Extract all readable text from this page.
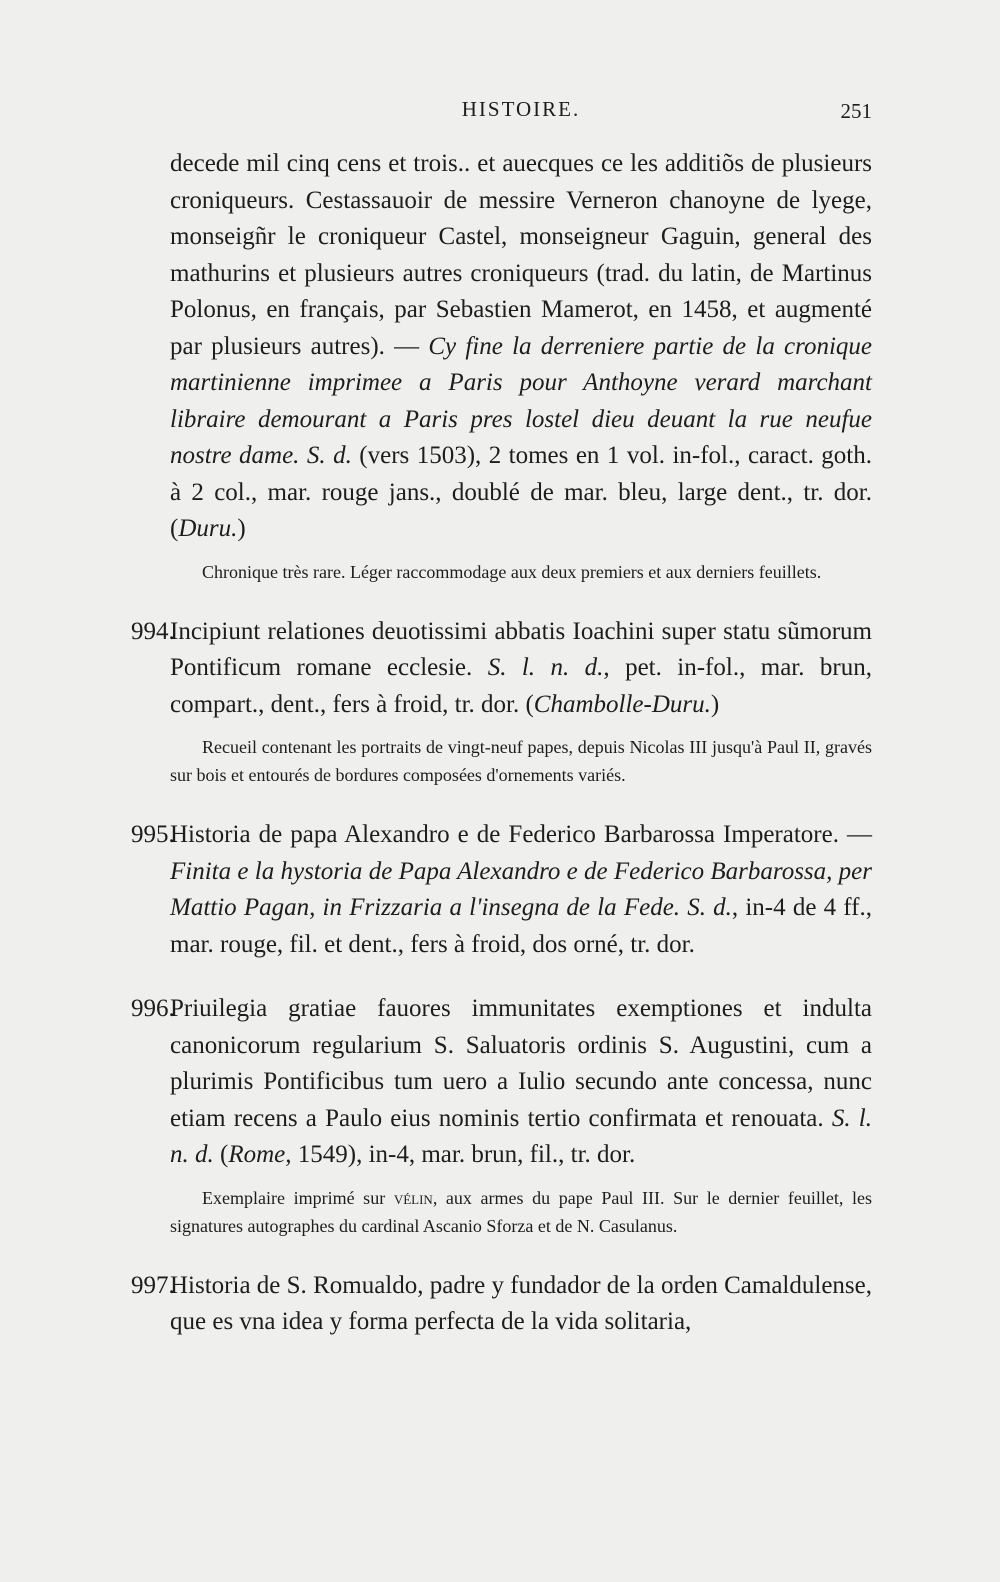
HISTOIRE.	251

decede mil cinq cens et trois.. et auecques ce les additiõs de plusieurs croniqueurs. Cestassauoir de messire Verneron chanoyne de lyege, monseigñr le croniqueur Castel, monseigneur Gaguin, general des mathurins et plusieurs autres croniqueurs (trad. du latin, de Martinus Polonus, en français, par Sebastien Mamerot, en 1458, et augmenté par plusieurs autres). — Cy fine la derreniere partie de la cronique martinienne imprimee a Paris pour Anthoyne verard marchant libraire demourant a Paris pres lostel dieu deuant la rue neufue nostre dame. S. d. (vers 1503), 2 tomes en 1 vol. in-fol., caract. goth. à 2 col., mar. rouge jans., doublé de mar. bleu, large dent., tr. dor. (Duru.)

Chronique très rare. Léger raccommodage aux deux premiers et aux derniers feuillets.

994.

Incipiunt relationes deuotissimi abbatis Ioachini super statu sũmorum Pontificum romane ecclesie. S. l. n. d., pet. in-fol., mar. brun, compart., dent., fers à froid, tr. dor. (Chambolle-Duru.)

Recueil contenant les portraits de vingt-neuf papes, depuis Nicolas III jusqu'à Paul II, gravés sur bois et entourés de bordures composées d'ornements variés.

995.

Historia de papa Alexandro e de Federico Barbarossa Imperatore. — Finita e la hystoria de Papa Alexandro e de Federico Barbarossa, per Mattio Pagan, in Frizzaria a l'insegna de la Fede. S. d., in-4 de 4 ff., mar. rouge, fil. et dent., fers à froid, dos orné, tr. dor.

996.

Priuilegia gratiae fauores immunitates exemptiones et indulta canonicorum regularium S. Saluatoris ordinis S. Augustini, cum a plurimis Pontificibus tum uero a Iulio secundo ante concessa, nunc etiam recens a Paulo eius nominis tertio confirmata et renouata. S. l. n. d. (Rome, 1549), in-4, mar. brun, fil., tr. dor.

Exemplaire imprimé sur vélin, aux armes du pape Paul III. Sur le dernier feuillet, les signatures autographes du cardinal Ascanio Sforza et de N. Casulanus.

997.

Historia de S. Romualdo, padre y fundador de la orden Camaldulense, que es vna idea y forma perfecta de la vida solitaria,
